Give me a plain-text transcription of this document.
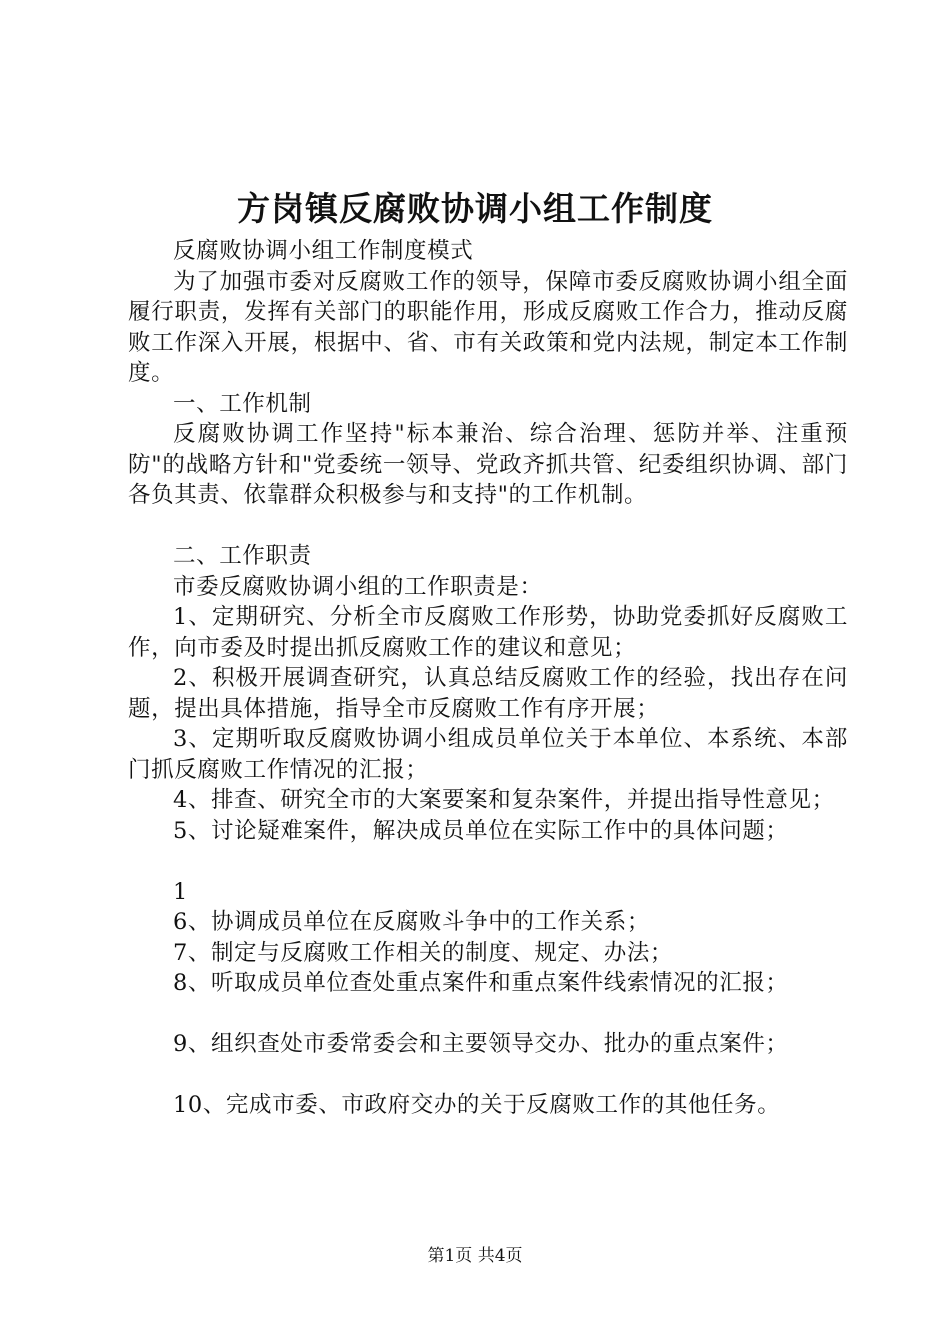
方岗镇反腐败协调小组工作制度

反腐败协调小组工作制度模式

为了加强市委对反腐败工作的领导，保障市委反腐败协调小组全面履行职责，发挥有关部门的职能作用，形成反腐败工作合力，推动反腐败工作深入开展，根据中、省、市有关政策和党内法规，制定本工作制度。

一、工作机制

反腐败协调工作坚持"标本兼治、综合治理、惩防并举、注重预防"的战略方针和"党委统一领导、党政齐抓共管、纪委组织协调、部门各负其责、依靠群众积极参与和支持"的工作机制。

二、工作职责

市委反腐败协调小组的工作职责是：

1、定期研究、分析全市反腐败工作形势，协助党委抓好反腐败工作，向市委及时提出抓反腐败工作的建议和意见；

2、积极开展调查研究，认真总结反腐败工作的经验，找出存在问题，提出具体措施，指导全市反腐败工作有序开展；

3、定期听取反腐败协调小组成员单位关于本单位、本系统、本部门抓反腐败工作情况的汇报；

4、排查、研究全市的大案要案和复杂案件，并提出指导性意见；

5、讨论疑难案件，解决成员单位在实际工作中的具体问题；

1

6、协调成员单位在反腐败斗争中的工作关系；

7、制定与反腐败工作相关的制度、规定、办法；

8、听取成员单位查处重点案件和重点案件线索情况的汇报；

9、组织查处市委常委会和主要领导交办、批办的重点案件；

10、完成市委、市政府交办的关于反腐败工作的其他任务。

第1页 共4页
